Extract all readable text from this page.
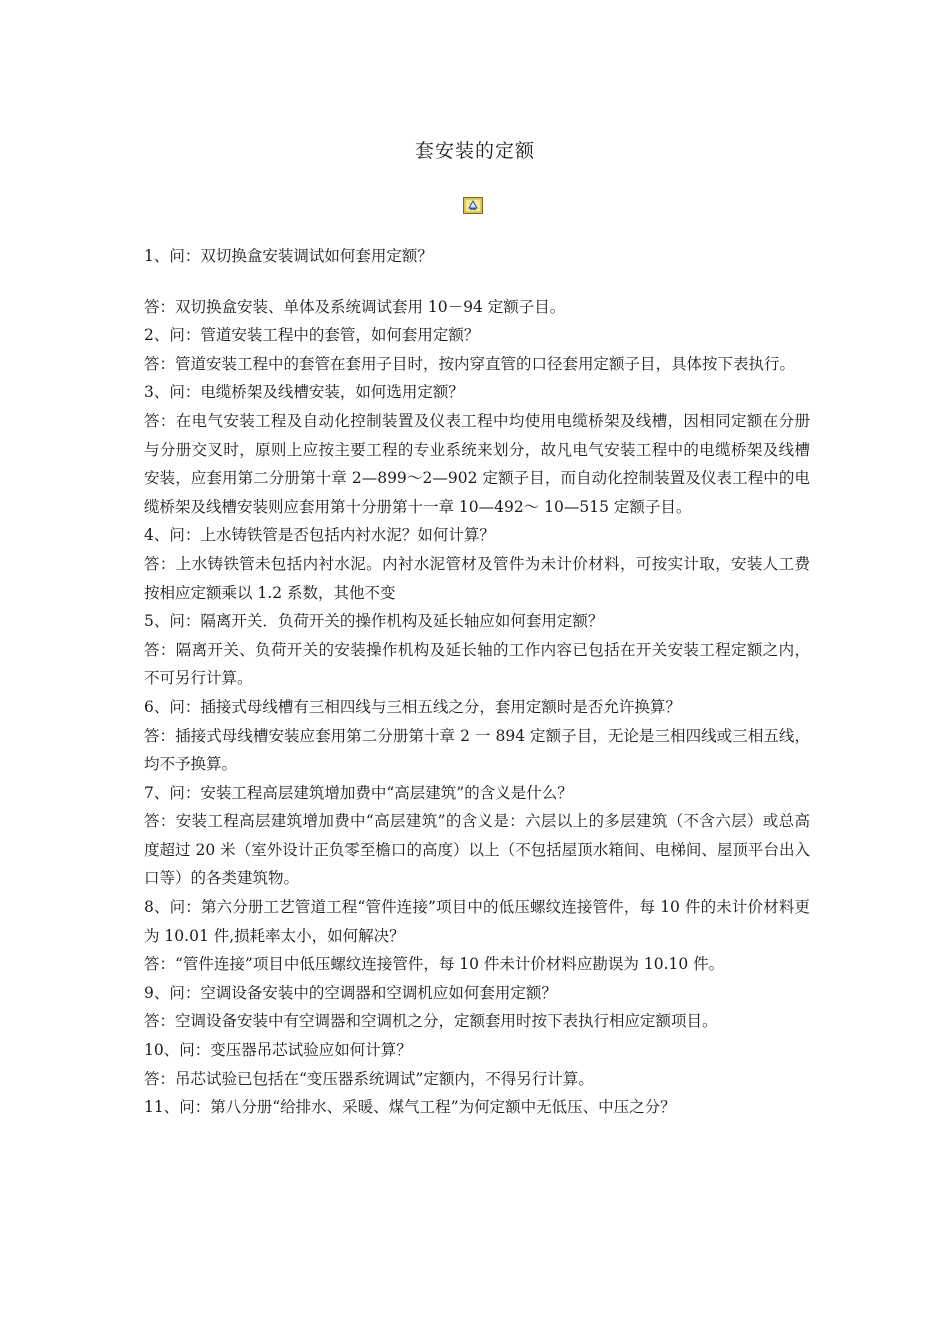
套安装的定额

1、问：双切换盒安装调试如何套用定额？

答：双切换盒安装、单体及系统调试套用 10－94 定额子目。

2、问：管道安装工程中的套管，如何套用定额？

答：管道安装工程中的套管在套用子目时，按内穿直管的口径套用定额子目，具体按下表执行。

3、问：电缆桥架及线槽安装，如何选用定额？

答：在电气安装工程及自动化控制装置及仪表工程中均使用电缆桥架及线槽，因相同定额在分册与分册交叉时，原则上应按主要工程的专业系统来划分，故凡电气安装工程中的电缆桥架及线槽安装，应套用第二分册第十章 2—899～2—902 定额子目，而自动化控制装置及仪表工程中的电缆桥架及线槽安装则应套用第十分册第十一章 10—492～ 10—515 定额子目。

4、问：上水铸铁管是否包括内衬水泥？如何计算？

答：上水铸铁管未包括内衬水泥。内衬水泥管材及管件为未计价材料，可按实计取，安装人工费按相应定额乘以 1.2 系数，其他不变

5、问：隔离开关．负荷开关的操作机构及延长轴应如何套用定额？

答：隔离开关、负荷开关的安装操作机构及延长轴的工作内容已包括在开关安装工程定额之内，不可另行计算。

6、问：插接式母线槽有三相四线与三相五线之分，套用定额时是否允许换算？

答：插接式母线槽安装应套用第二分册第十章 2 一 894 定额子目，无论是三相四线或三相五线，均不予换算。

7、问：安装工程高层建筑增加费中“高层建筑”的含义是什么？

答：安装工程高层建筑增加费中“高层建筑”的含义是：六层以上的多层建筑（不含六层）或总高度超过 20 米（室外设计正负零至檐口的高度）以上（不包括屋顶水箱间、电梯间、屋顶平台出入口等）的各类建筑物。

8、问：第六分册工艺管道工程“管件连接”项目中的低压螺纹连接管件，每 10 件的未计价材料更为 10.01 件,损耗率太小，如何解决？

答：“管件连接”项目中低压螺纹连接管件，每 10 件未计价材料应勘误为 10.10 件。

9、问：空调设备安装中的空调器和空调机应如何套用定额？

答：空调设备安装中有空调器和空调机之分，定额套用时按下表执行相应定额项目。

10、问：变压器吊芯试验应如何计算？

答：吊芯试验已包括在“变压器系统调试”定额内，不得另行计算。

11、问：第八分册“给排水、采暖、煤气工程”为何定额中无低压、中压之分？
